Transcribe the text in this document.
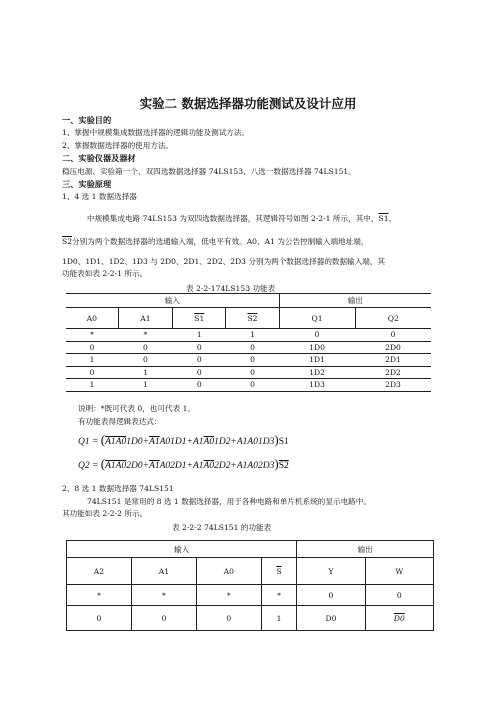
实验二 数据选择器功能测试及设计应用
一、实验目的
1、掌握中规模集成数据选择器的逻辑功能及测试方法。
2、掌握数据选择器的使用方法。
二、实验仪器及器材
稳压电源、实验箱一个、双四选数据选择器 74LS153、八选一数据选择器 74LS151。
三、实验原理
1、4 选 1 数据选择器
中规模集成电路 74LS153 为双四选数据选择器，其逻辑符号如图 2-2-1 所示，其中，S1、
S2分别为两个数据选择器的选通输入端，低电平有效。A0、A1 为公告控制输入端地址端，
1D0、1D1、1D2、1D3 与 2D0、2D1、2D2、2D3 分别为两个数据选择器的数据输入端，其
功能表如表 2-2-1 所示。
表 2-2-174LS153 功能表
输入				输出	
A0	A1	S1	S2	Q1	Q2
*	*	1	1	0	0
0	0	0	0	1D0	2D0
1	0	0	0	1D1	2D1
0	1	0	0	1D2	2D2
1	1	0	0	1D3	2D3
说明：*既可代表 0，也可代表 1。
有功能表得逻辑表达式：
Q1 = (A1A01D0+A1A01D1+A1A01D2+A1A01D3)S1
Q2 = (A1A02D0+A1A02D1+A1A02D2+A1A02D3)S2
2、8 选 1 数据选择器 74LS151
74LS151 是常用的 8 选 1 数据选择器，用于各种电路和单片机系统的显示电路中。
其功能如表 2-2-2 所示。
表 2-2-2 74LS151 的功能表
输入				输出	
A2	A1	A0	$\overline{S}$	Y	W
*	*	*	*	0	0
0	0	0	1	D0	D0
